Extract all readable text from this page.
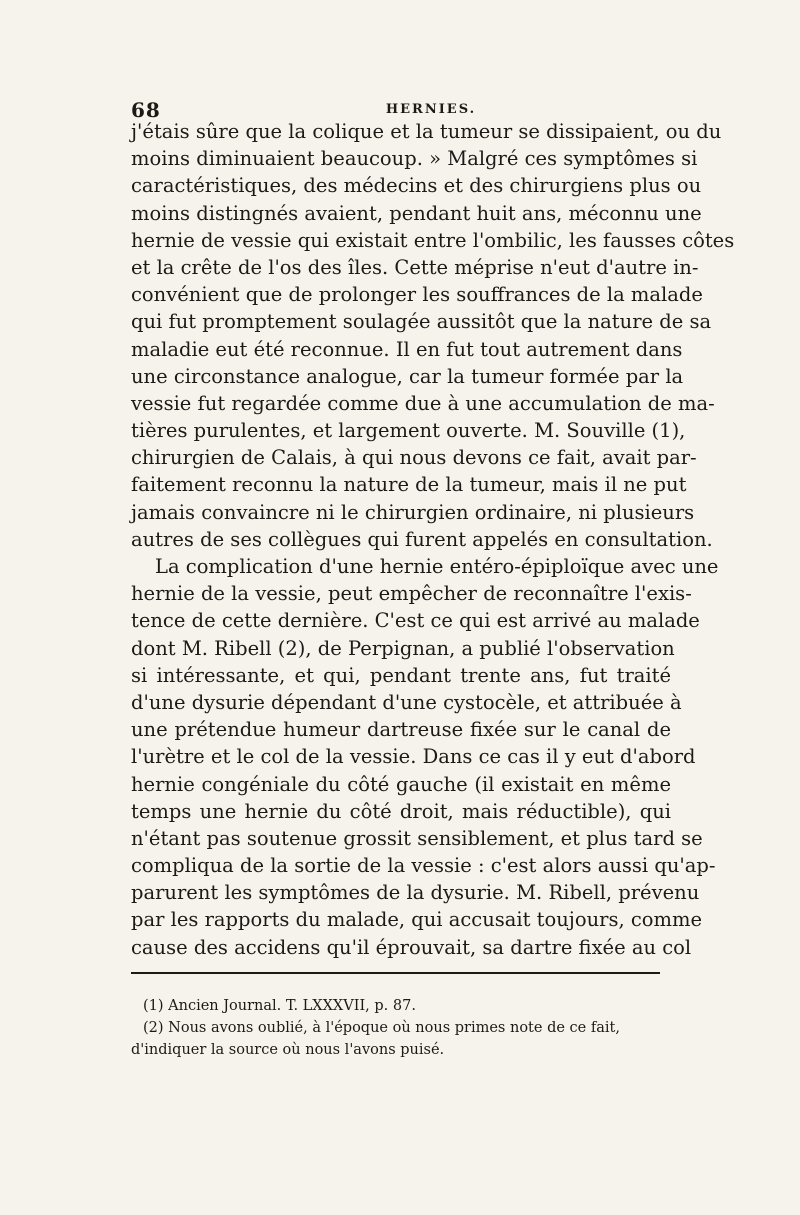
68	HERNIES.
j'étais sûre que la colique et la tumeur se dissipaient, ou du
moins diminuaient beaucoup. » Malgré ces symptômes si
caractéristiques, des médecins et des chirurgiens plus ou
moins distingnés avaient, pendant huit ans, méconnu une
hernie de vessie qui existait entre l'ombilic, les fausses côtes
et la crête de l'os des îles. Cette méprise n'eut d'autre in-
convénient que de prolonger les souffrances de la malade
qui fut promptement soulagée aussitôt que la nature de sa
maladie eut été reconnue. Il en fut tout autrement dans
une circonstance analogue, car la tumeur formée par la
vessie fut regardée comme due à une accumulation de ma-
tières purulentes, et largement ouverte. M. Souville (1),
chirurgien de Calais, à qui nous devons ce fait, avait par-
faitement reconnu la nature de la tumeur, mais il ne put
jamais convaincre ni le chirurgien ordinaire, ni plusieurs
autres de ses collègues qui furent appelés en consultation.
La complication d'une hernie entéro-épiploïque avec une
hernie de la vessie, peut empêcher de reconnaître l'exis-
tence de cette dernière. C'est ce qui est arrivé au malade
dont M. Ribell (2), de Perpignan, a publié l'observation
si intéressante, et qui, pendant trente ans, fut traité
d'une dysurie dépendant d'une cystocèle, et attribuée à
une prétendue humeur dartreuse fixée sur le canal de
l'urètre et le col de la vessie. Dans ce cas il y eut d'abord
hernie congéniale du côté gauche (il existait en même
temps une hernie du côté droit, mais réductible), qui
n'étant pas soutenue grossit sensiblement, et plus tard se
compliqua de la sortie de la vessie : c'est alors aussi qu'ap-
parurent les symptômes de la dysurie. M. Ribell, prévenu
par les rapports du malade, qui accusait toujours, comme
cause des accidens qu'il éprouvait, sa dartre fixée au col
(1) Ancien Journal. T. LXXXVII, p. 87.
(2) Nous avons oublié, à l'époque où nous primes note de ce fait,
d'indiquer la source où nous l'avons puisé.
